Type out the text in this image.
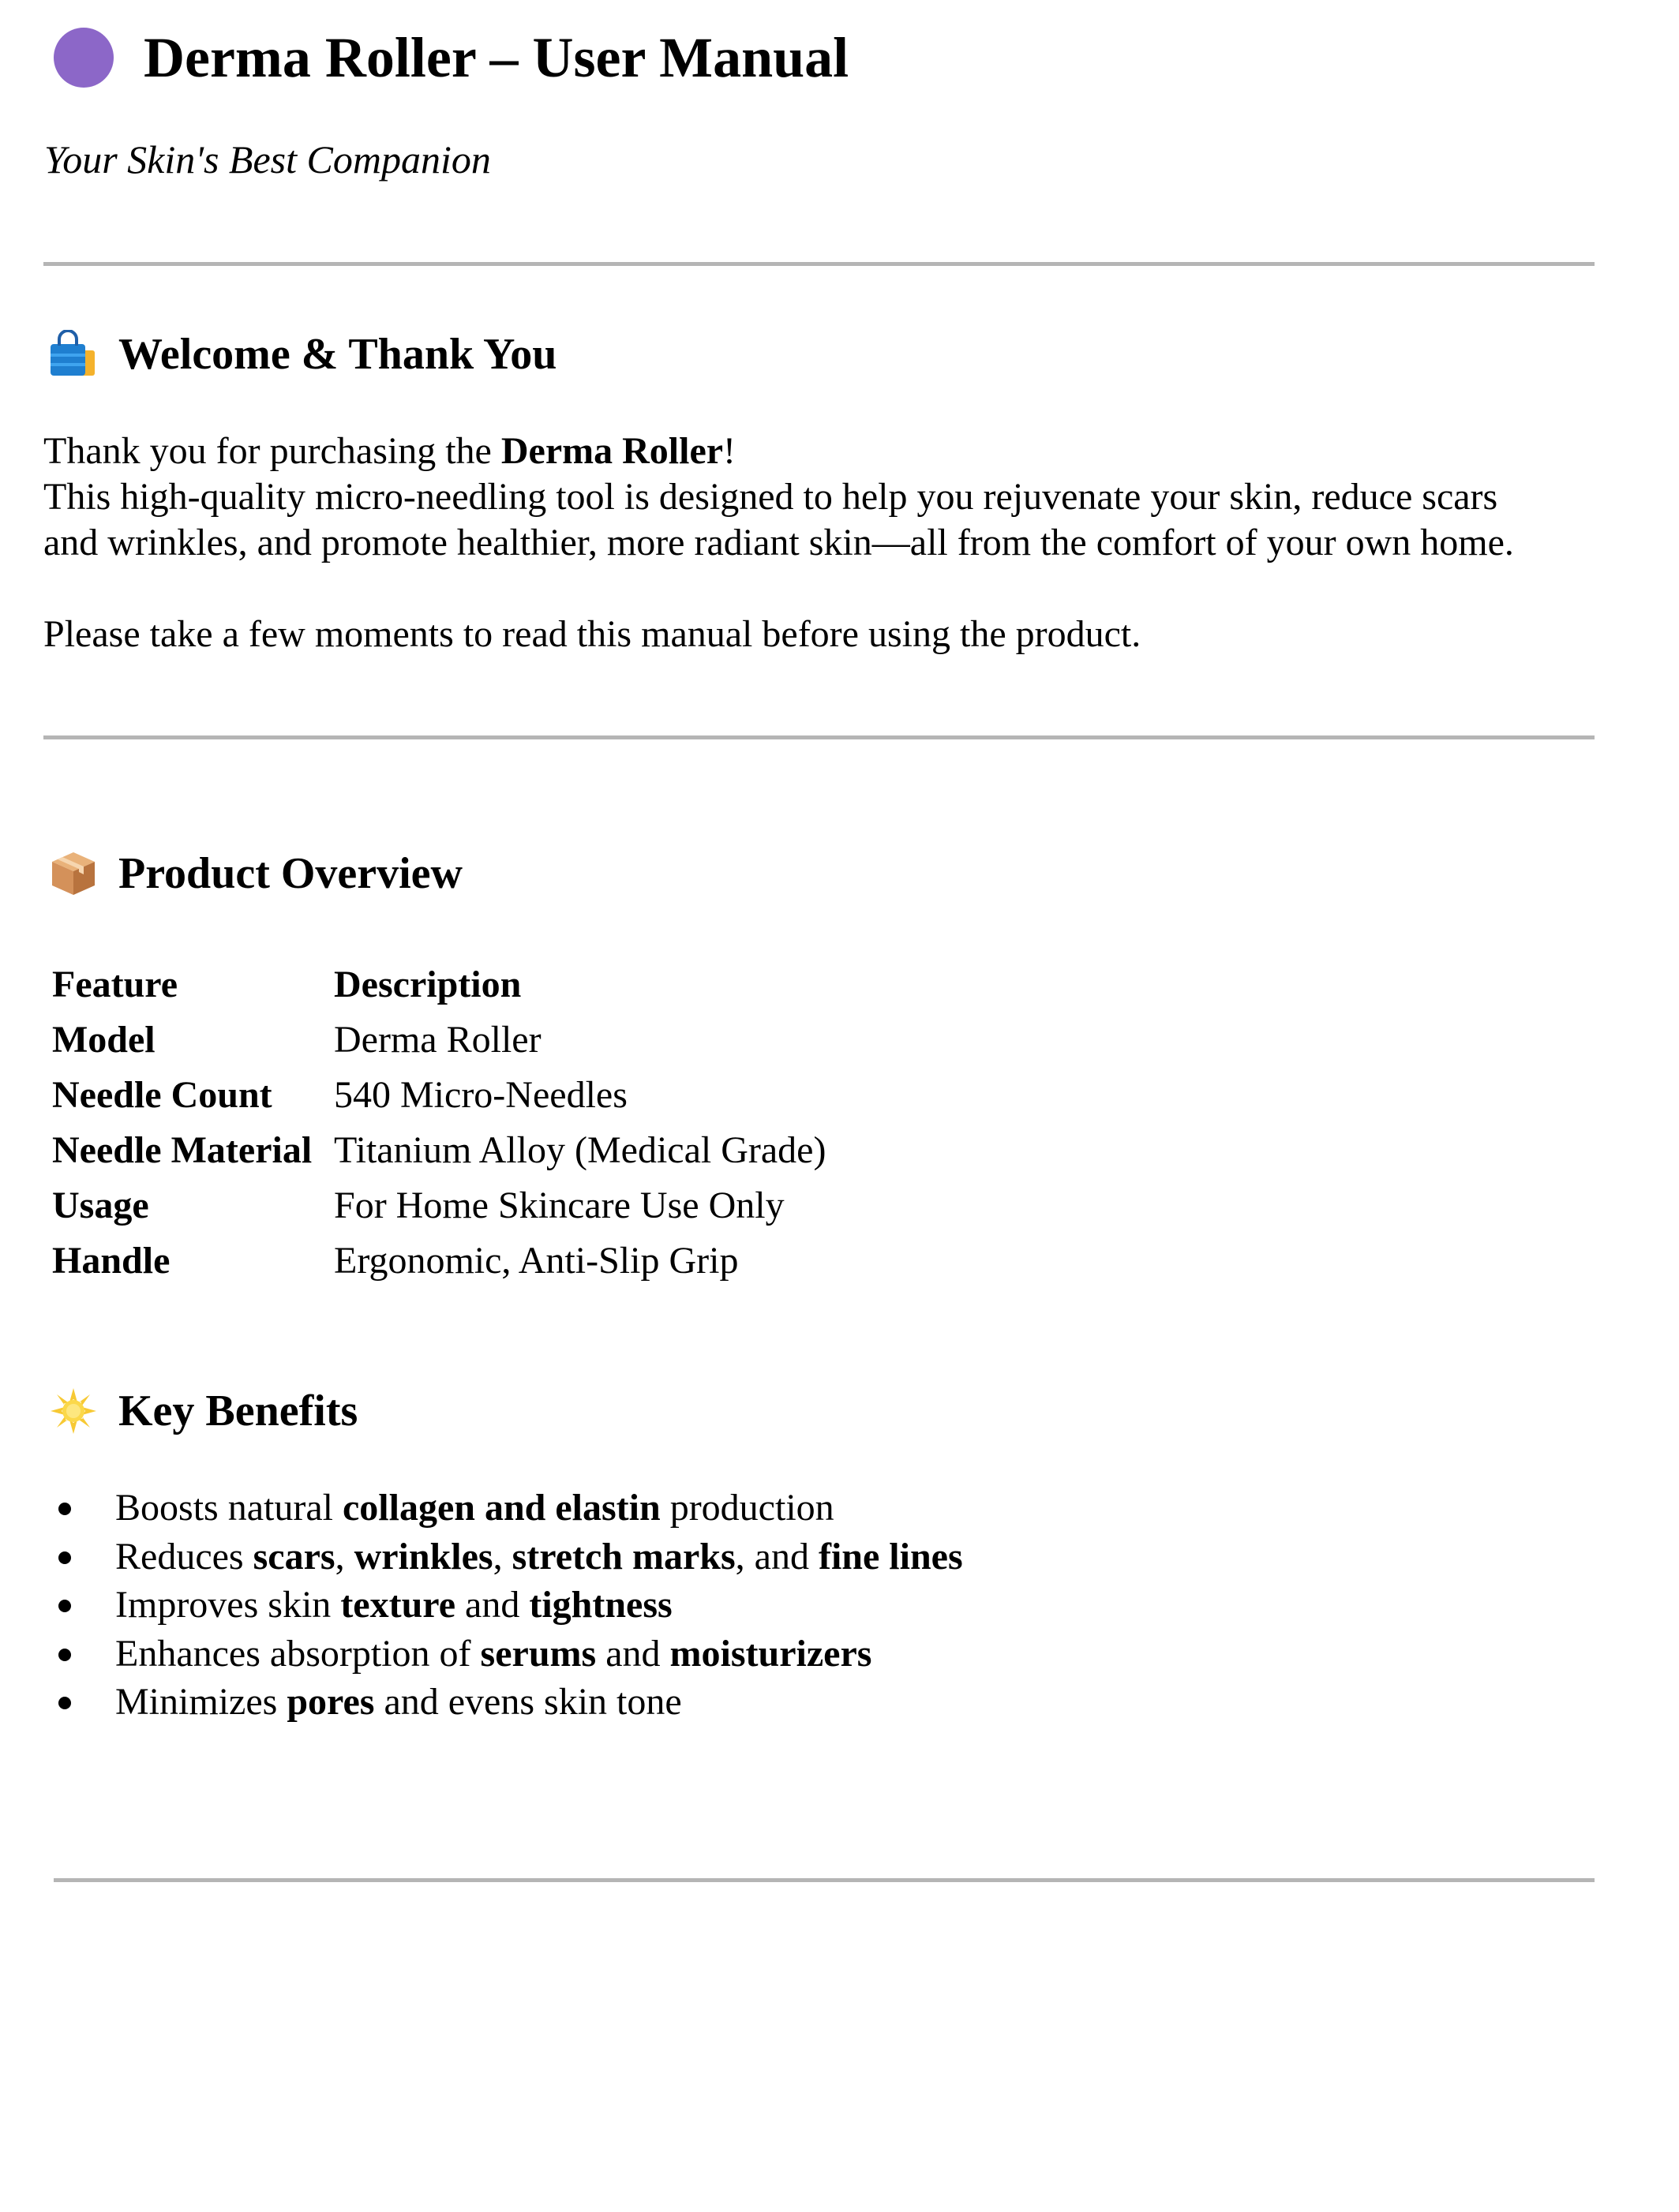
Derma Roller – User Manual
Your Skin's Best Companion
Welcome & Thank You
Thank you for purchasing the Derma Roller!
This high-quality micro-needling tool is designed to help you rejuvenate your skin, reduce scars
and wrinkles, and promote healthier, more radiant skin—all from the comfort of your own home.
Please take a few moments to read this manual before using the product.
Product Overview
Feature	Description
Model	Derma Roller
Needle Count	540 Micro-Needles
Needle Material	Titanium Alloy (Medical Grade)
Usage	For Home Skincare Use Only
Handle	Ergonomic, Anti-Slip Grip
Key Benefits
Boosts natural collagen and elastin production
Reduces scars, wrinkles, stretch marks, and fine lines
Improves skin texture and tightness
Enhances absorption of serums and moisturizers
Minimizes pores and evens skin tone
